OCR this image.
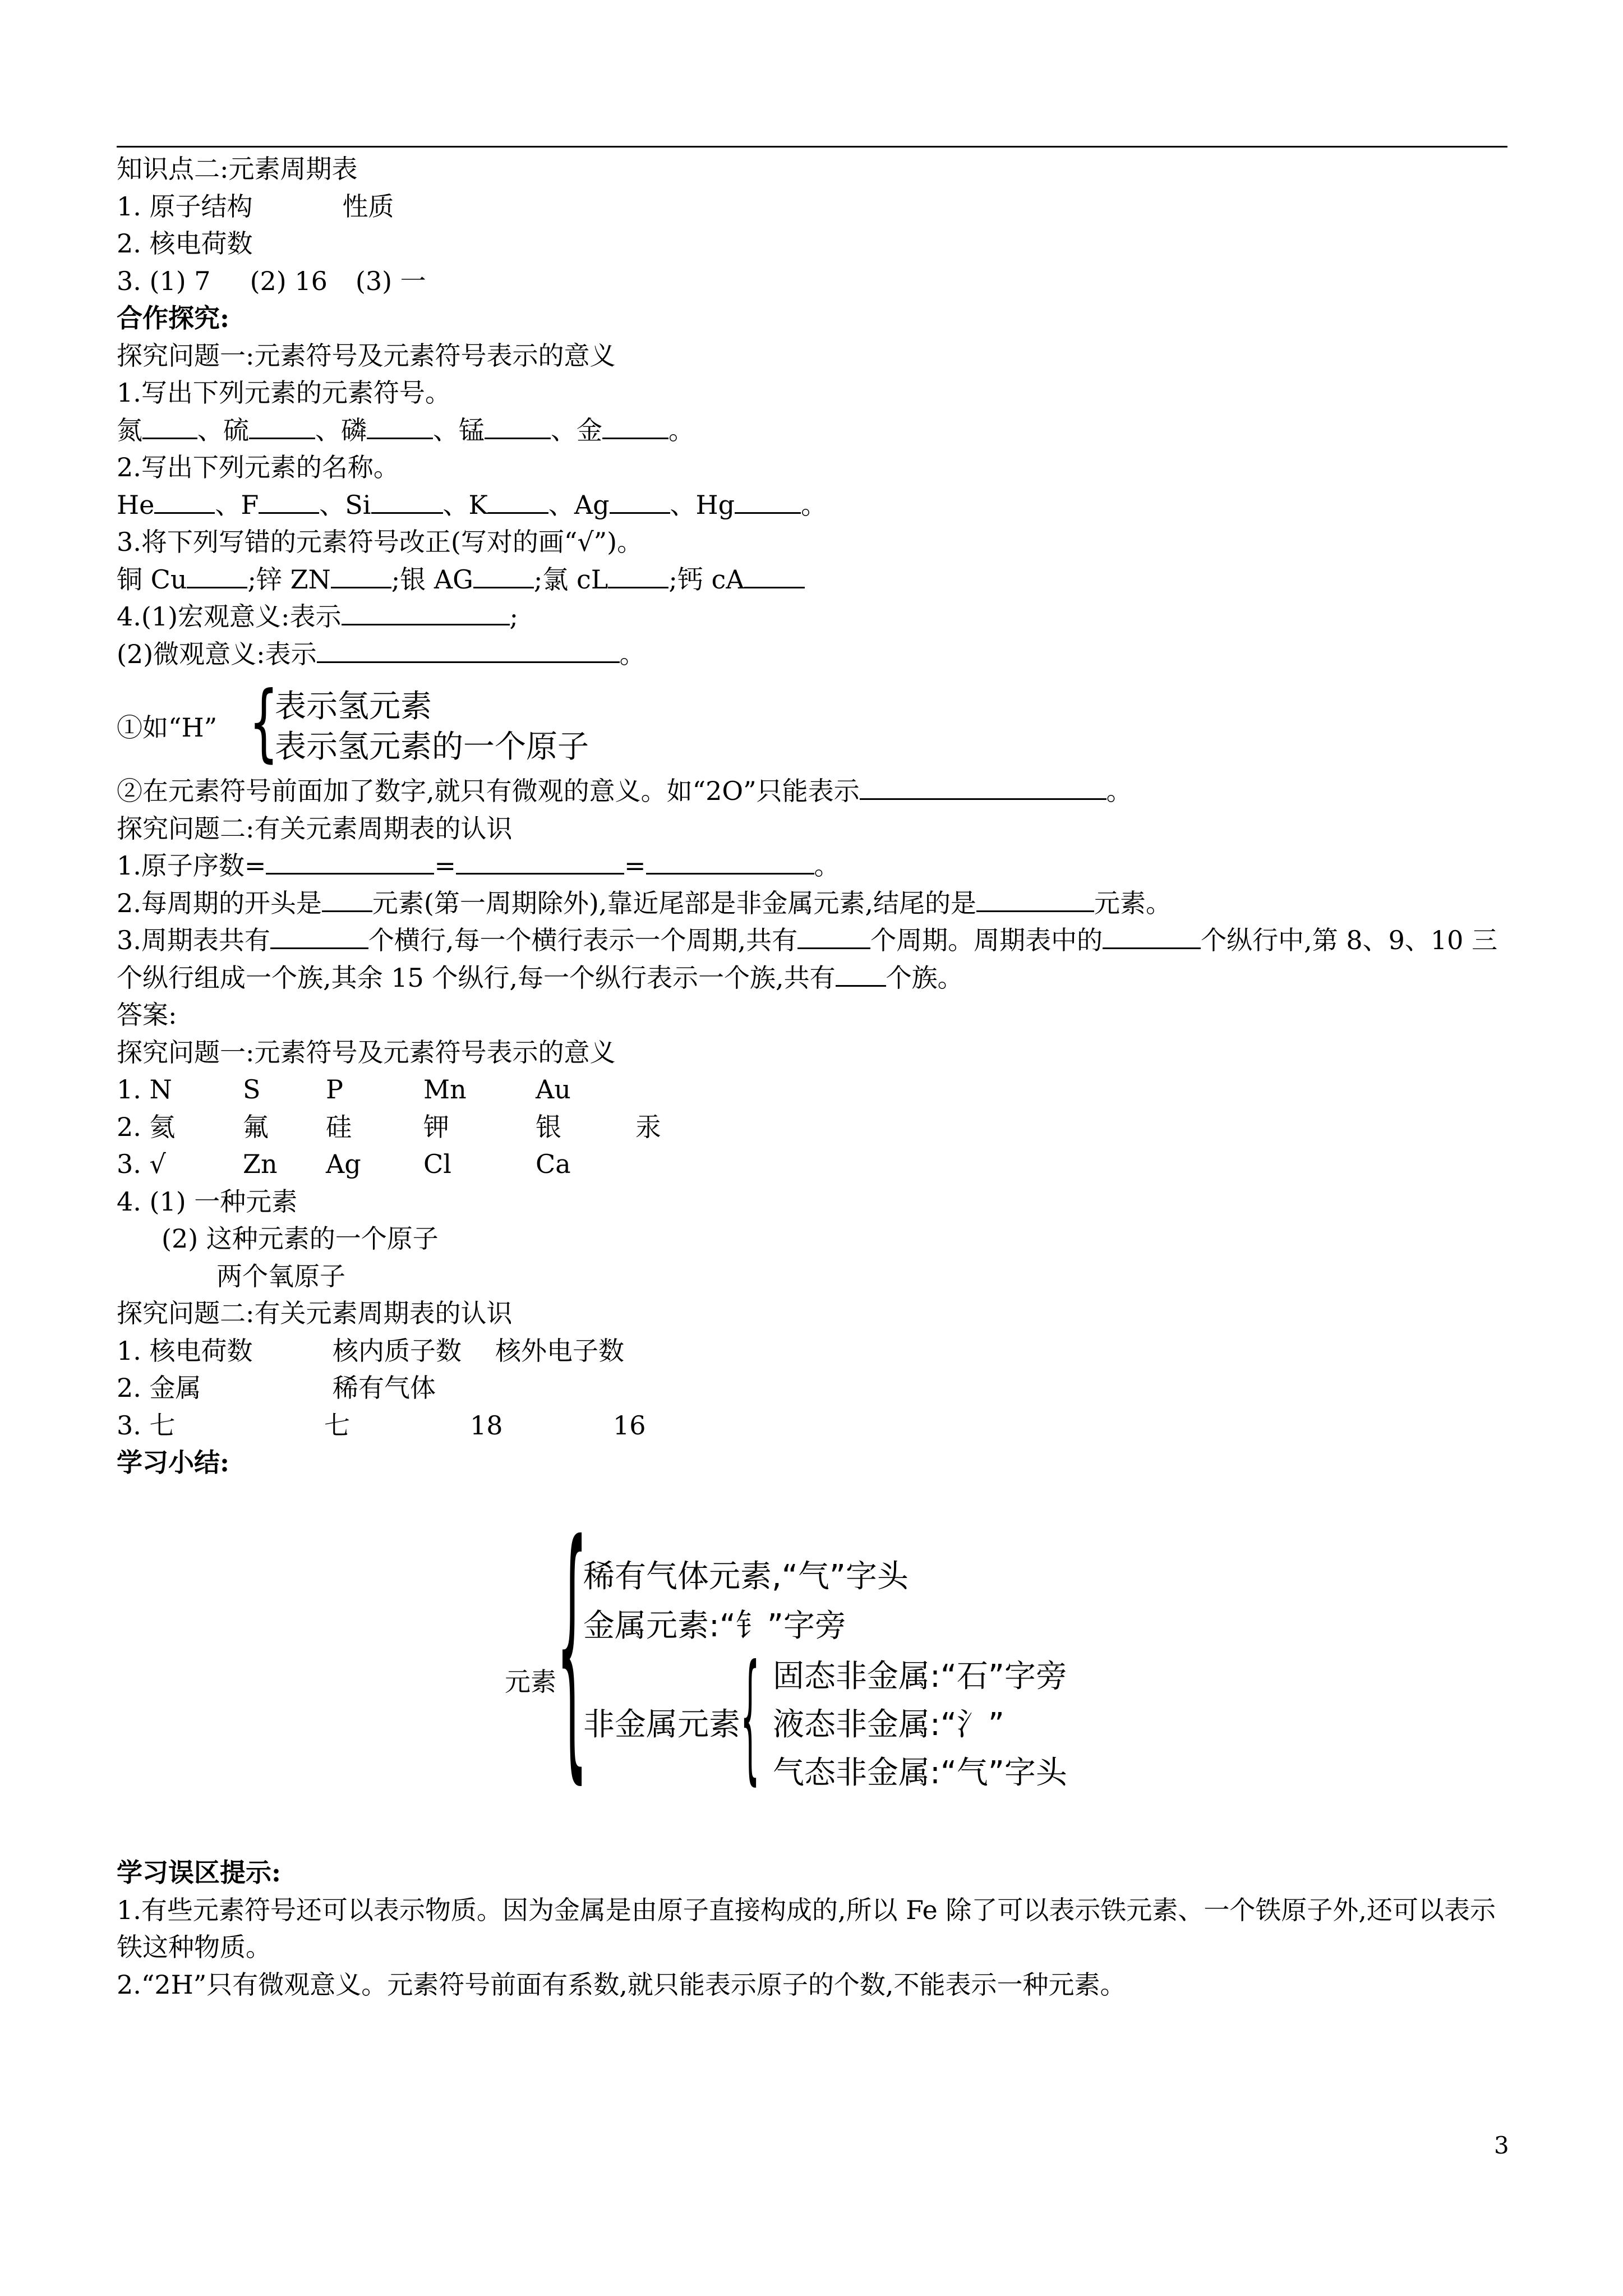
知识点二:元素周期表
1. 原子结构	性质
2. 核电荷数
3. (1) 7 (2) 16 (3) 一
合作探究:
探究问题一:元素符号及元素符号表示的意义
1.写出下列元素的元素符号。
氮 、硫	、磷	、锰	、金	。
2.写出下列元素的名称。
He 、F 、Si	、K 、Ag 、Hg	。
3.将下列写错的元素符号改正(写对的画“√”)。
铜 Cu ;锌 ZN ;银 AG ;氯 cL ;钙 cA
4.(1)宏观意义:表示	;
(2)微观意义:表示	。
①如“H” {
表示氢元素
表示氢元素的一个原子
②在元素符号前面加了数字,就只有微观的意义。如“2O”只能表示	。
探究问题二:有关元素周期表的认识
1.原子序数=	=	=	。
2.每周期的开头是 元素(第一周期除外),靠近尾部是非金属元素,结尾的是	元素。
3.周期表共有	个横行,每一个横行表示一个周期,共有	个周期。周期表中的	个纵行中,第 8、9、10 三个纵行组成一个族,其余 15 个纵行,每一个纵行表示一个族,共有 个族。
答案:
探究问题一:元素符号及元素符号表示的意义
1. N	S	P	Mn	Au
2. 氦	氟 硅	钾	银	汞
3. √	Zn Ag Cl	Ca
4. (1) 一种元素
(2) 这种元素的一个原子
两个氧原子
探究问题二:有关元素周期表的认识
1. 核电荷数	核内质子数 核外电子数
2. 金属	稀有气体
3. 七	七	18	16
学习小结:
元素 {
稀有气体元素,“气”字头
金属元素:“钅”字旁
非金属元素 { 固态非金属:“石”字旁
液态非金属:“氵”
气态非金属:“气”字头
学习误区提示:
1.有些元素符号还可以表示物质。因为金属是由原子直接构成的,所以 Fe 除了可以表示铁元素、一个铁原子外,还可以表示铁这种物质。
2.“2H”只有微观意义。元素符号前面有系数,就只能表示原子的个数,不能表示一种元素。
3
